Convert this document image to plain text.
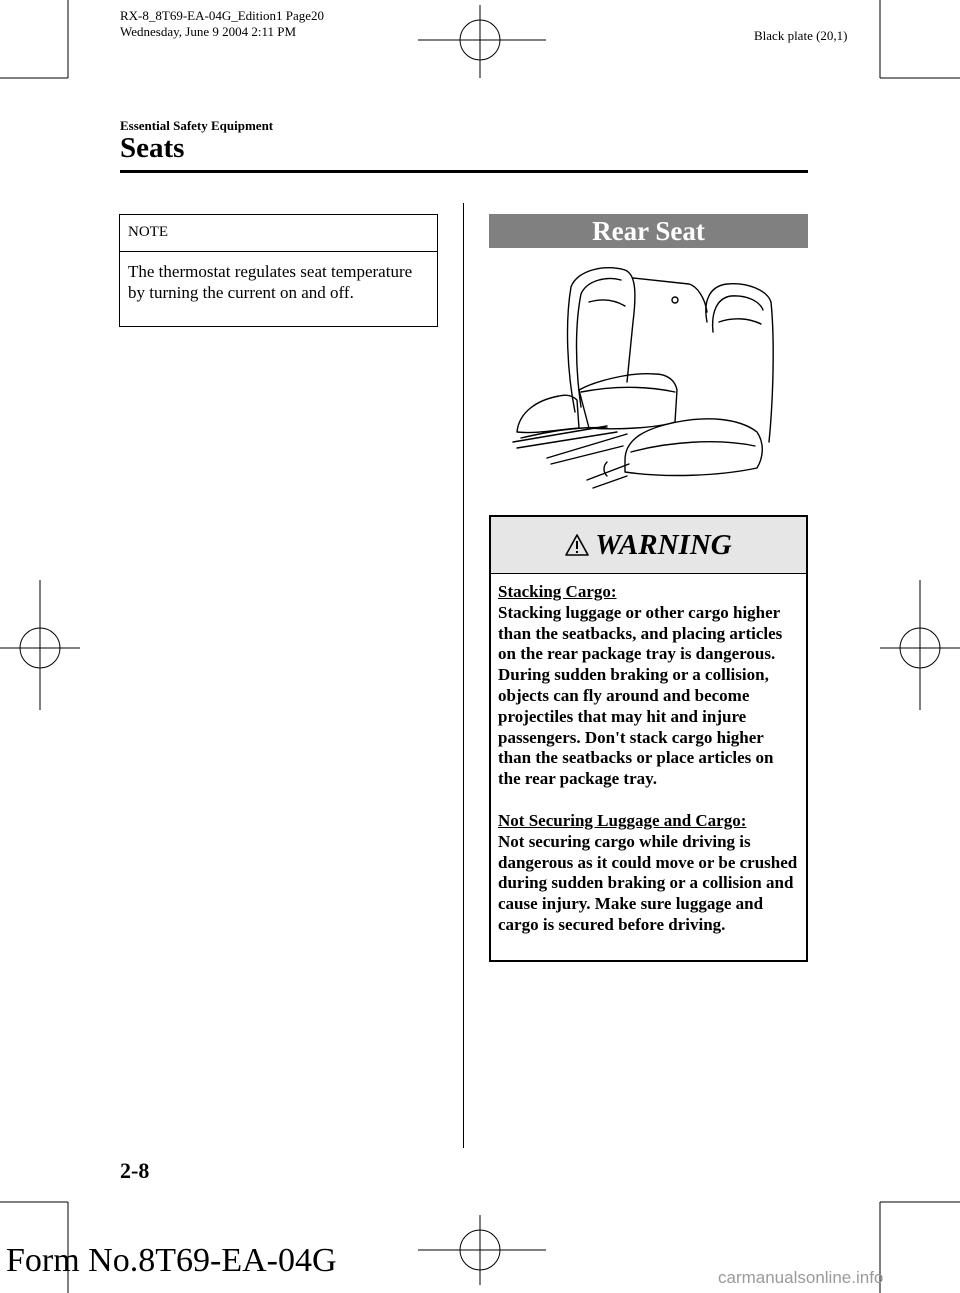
RX-8_8T69-EA-04G_Edition1 Page20
Wednesday, June 9 2004 2:11 PM	Black plate (20,1)
Essential Safety Equipment
Seats
NOTE
The thermostat regulates seat temperature by turning the current on and off.
Rear Seat
WARNING

Stacking Cargo:

Stacking luggage or other cargo higher than the seatbacks, and placing articles on the rear package tray is dangerous. During sudden braking or a collision, objects can fly around and become projectiles that may hit and injure passengers. Don't stack cargo higher than the seatbacks or place articles on the rear package tray.

Not Securing Luggage and Cargo:

Not securing cargo while driving is dangerous as it could move or be crushed during sudden braking or a collision and cause injury. Make sure luggage and cargo is secured before driving.

2-8
Form No.8T69-EA-04G	carmanualsonline.info
